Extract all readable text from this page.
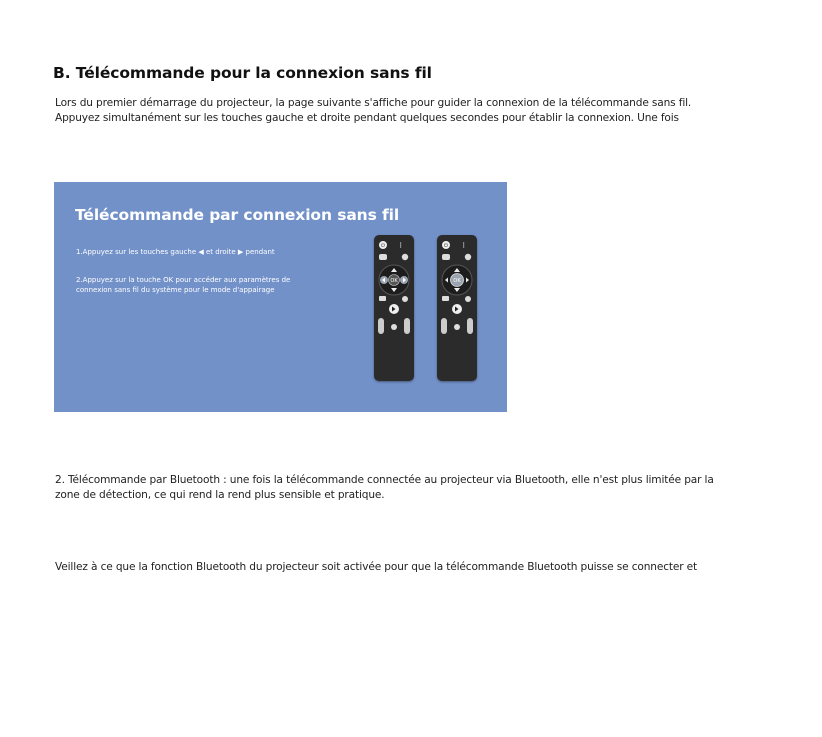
B. Télécommande pour la connexion sans fil
Lors du premier démarrage du projecteur, la page suivante s'affiche pour guider la connexion de la télécommande sans fil.
Appuyez simultanément sur les touches gauche et droite pendant quelques secondes pour établir la connexion. Une fois
Télécommande par connexion sans fil
1.Appuyez sur les touches gauche ◀ et droite ▶ pendant
2.Appuyez sur la touche OK pour accéder aux paramètres de
connexion sans fil du système pour le mode d'appairage
⏻
OK
⏻
OK
2. Télécommande par Bluetooth : une fois la télécommande connectée au projecteur via Bluetooth, elle n'est plus limitée par la
zone de détection, ce qui rend la rend plus sensible et pratique.
Veillez à ce que la fonction Bluetooth du projecteur soit activée pour que la télécommande Bluetooth puisse se connecter et
